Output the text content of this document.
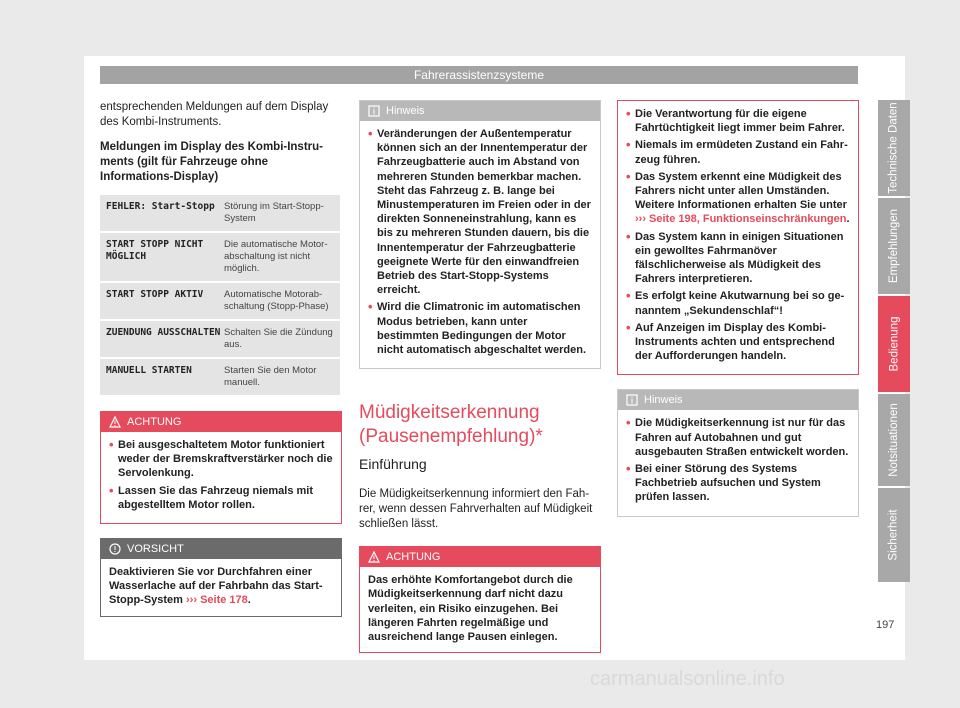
Fahrerassistenzsysteme

entsprechenden Meldungen auf dem Display des Kombi-Instruments.

Meldungen im Display des Kombi-Instruments (gilt für Fahrzeuge ohne Informations-Display)

FEHLER: Start-Stopp Störung im Start-Stopp-System
START STOPP NICHT MÖGLICH
Die automatische Motorabschaltung ist nicht möglich.
START STOPP AKTIV	Automatische Motorabschaltung (Stopp-Phase)
ZUENDUNG AUSSCHALTEN Schalten Sie die Zündung aus.
MANUELL STARTEN	Starten Sie den Motor manuell.
ACHTUNG
• Bei ausgeschaltetem Motor funktioniert weder der Bremskraftverstärker noch die Servolenkung.
• Lassen Sie das Fahrzeug niemals mit abgestelltem Motor rollen.
VORSICHT
Deaktivieren Sie vor Durchfahren einer Wasserlache auf der Fahrbahn das Start-Stopp-System ››› Seite 178.
Hinweis
• Veränderungen der Außentemperatur können sich an der Innentemperatur der Fahrzeugbatterie auch im Abstand von mehreren Stunden bemerkbar machen. Steht das Fahrzeug z. B. lange bei Minustemperaturen im Freien oder in der direkten Sonneneinstrahlung, kann es bis zu mehreren Stunden dauern, bis die Innentemperatur der Fahrzeugbatterie geeignete Werte für den einwandfreien Betrieb des Start-Stopp-Systems erreicht.
• Wird die Climatronic im automatischen Modus betrieben, kann unter bestimmten Bedingungen der Motor nicht automatisch abgeschaltet werden.
Müdigkeitserkennung (Pausenempfehlung)*
Einführung

Die Müdigkeitserkennung informiert den Fahrer, wenn dessen Fahrverhalten auf Müdigkeit schließen lässt.

ACHTUNG
Das erhöhte Komfortangebot durch die Müdigkeitserkennung darf nicht dazu verleiten, ein Risiko einzugehen. Bei längeren Fahrten regelmäßige und ausreichend lange Pausen einlegen.
• Die Verantwortung für die eigene Fahrtüchtigkeit liegt immer beim Fahrer.
• Niemals im ermüdeten Zustand ein Fahrzeug führen.
• Das System erkennt eine Müdigkeit des Fahrers nicht unter allen Umständen. Weitere Informationen erhalten Sie unter ››› Seite 198, Funktionseinschränkungen.
• Das System kann in einigen Situationen ein gewolltes Fahrmanöver fälschlicherweise als Müdigkeit des Fahrers interpretieren.
• Es erfolgt keine Akutwarnung bei so genanntem „Sekundenschlaf“!
• Auf Anzeigen im Display des Kombi-Instruments achten und entsprechend der Aufforderungen handeln.
Hinweis
• Die Müdigkeitserkennung ist nur für das Fahren auf Autobahnen und gut ausgebauten Straßen entwickelt worden.
• Bei einer Störung des Systems Fachbetrieb aufsuchen und System prüfen lassen.
Technische Daten
Empfehlungen
Bedienung
Notsituationen
Sicherheit
197
carmanualsonline.info
